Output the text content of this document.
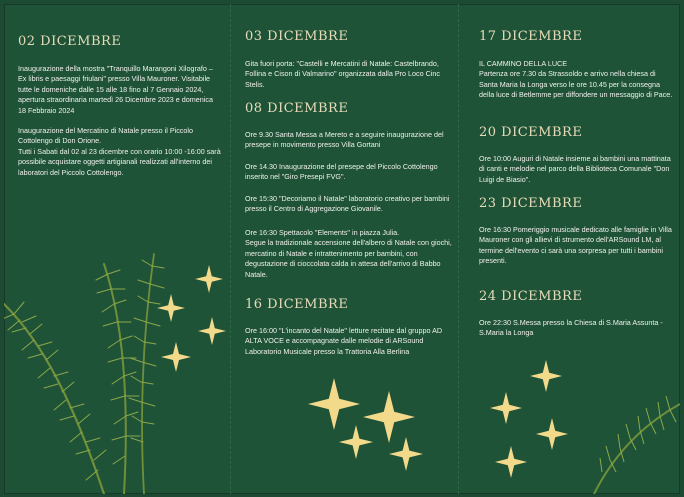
02 DICEMBRE

Inaugurazione della mostra "Tranquillo Marangoni Xilografo – Ex libris e paesaggi friulani" presso Villa Mauroner. Visitabile tutte le domeniche dalle 15 alle 18 fino al 7 Gennaio 2024, apertura straordinaria martedì 26 Dicembre 2023 e domenica 18 Febbraio 2024

Inaugurazione del Mercatino di Natale presso il Piccolo Cottolengo di Don Orione.

Tutti i Sabati dal 02 al 23 dicembre con orario 10:00 -16:00 sarà possibile acquistare oggetti artigianali realizzati all'interno dei laboratori del Piccolo Cottolengo.

03 DICEMBRE
Gita fuori porta: "Castelli e Mercatini di Natale: Castelbrando, Follina e Cison di Valmarino" organizzata dalla Pro Loco Cinc Stelis.
08 DICEMBRE
Ore 9.30 Santa Messa a Mereto e a seguire inaugurazione del presepe in movimento presso Villa Gortani
Ore 14.30 Inaugurazione del presepe del Piccolo Cottolengo inserito nel "Giro Presepi FVG".
Ore 15:30 "Decoriamo il Natale" laboratorio creativo per bambini presso il Centro di Aggregazione Giovanile.

Ore 16:30 Spettacolo "Elements" in piazza Julia.

Segue la tradizionale accensione dell'albero di Natale con giochi, mercatino di Natale e intrattenimento per bambini, con degustazione di cioccolata calda in attesa dell'arrivo di Babbo Natale.

16 DICEMBRE
Ore 16:00 "L'incanto del Natale" letture recitate dal gruppo AD ALTA VOCE e accompagnate dalle melodie di ARSound Laboratorio Musicale presso la Trattoria Alla Berlina
17 DICEMBRE

IL CAMMINO DELLA LUCE

Partenza ore 7.30 da Strassoldo e arrivo nella chiesa di Santa Maria la Longa verso le ore 10.45 per la consegna della luce di Betlemme per diffondere un messaggio di Pace.

20 DICEMBRE
Ore 10:00 Auguri di Natale insieme ai bambini una mattinata di canti e melodie nel parco della Biblioteca Comunale "Don Luigi de Biasio".
23 DICEMBRE
Ore 16:30 Pomeriggio musicale dedicato alle famiglie in Villa Mauroner con gli allievi di strumento dell'ARSound LM, al termine dell'evento ci sarà una sorpresa per tutti i bambini presenti.
24 DICEMBRE
Ore 22:30 S.Messa presso la Chiesa di S.Maria Assunta - S.Maria la Longa
